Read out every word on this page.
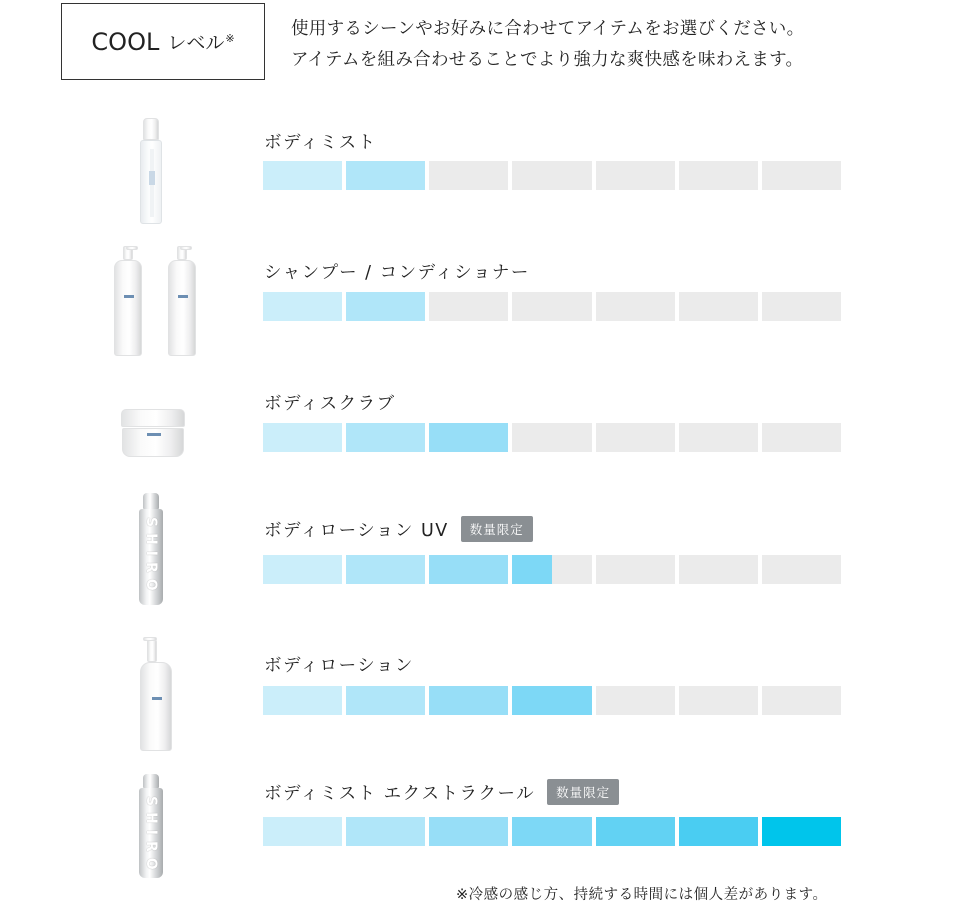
COOL レベル※	使用するシーンやお好みに合わせてアイテムをお選びください。

アイテムを組み合わせることでより強力な爽快感を味わえます。

ボディミスト
シャンプー / コンディショナー
ボディスクラブ
SHIRO	ボディローション UV	数量限定
ボディローション
SHIRO
ボディミスト エクストラクール	数量限定
※冷感の感じ方、持続する時間には個人差があります。
